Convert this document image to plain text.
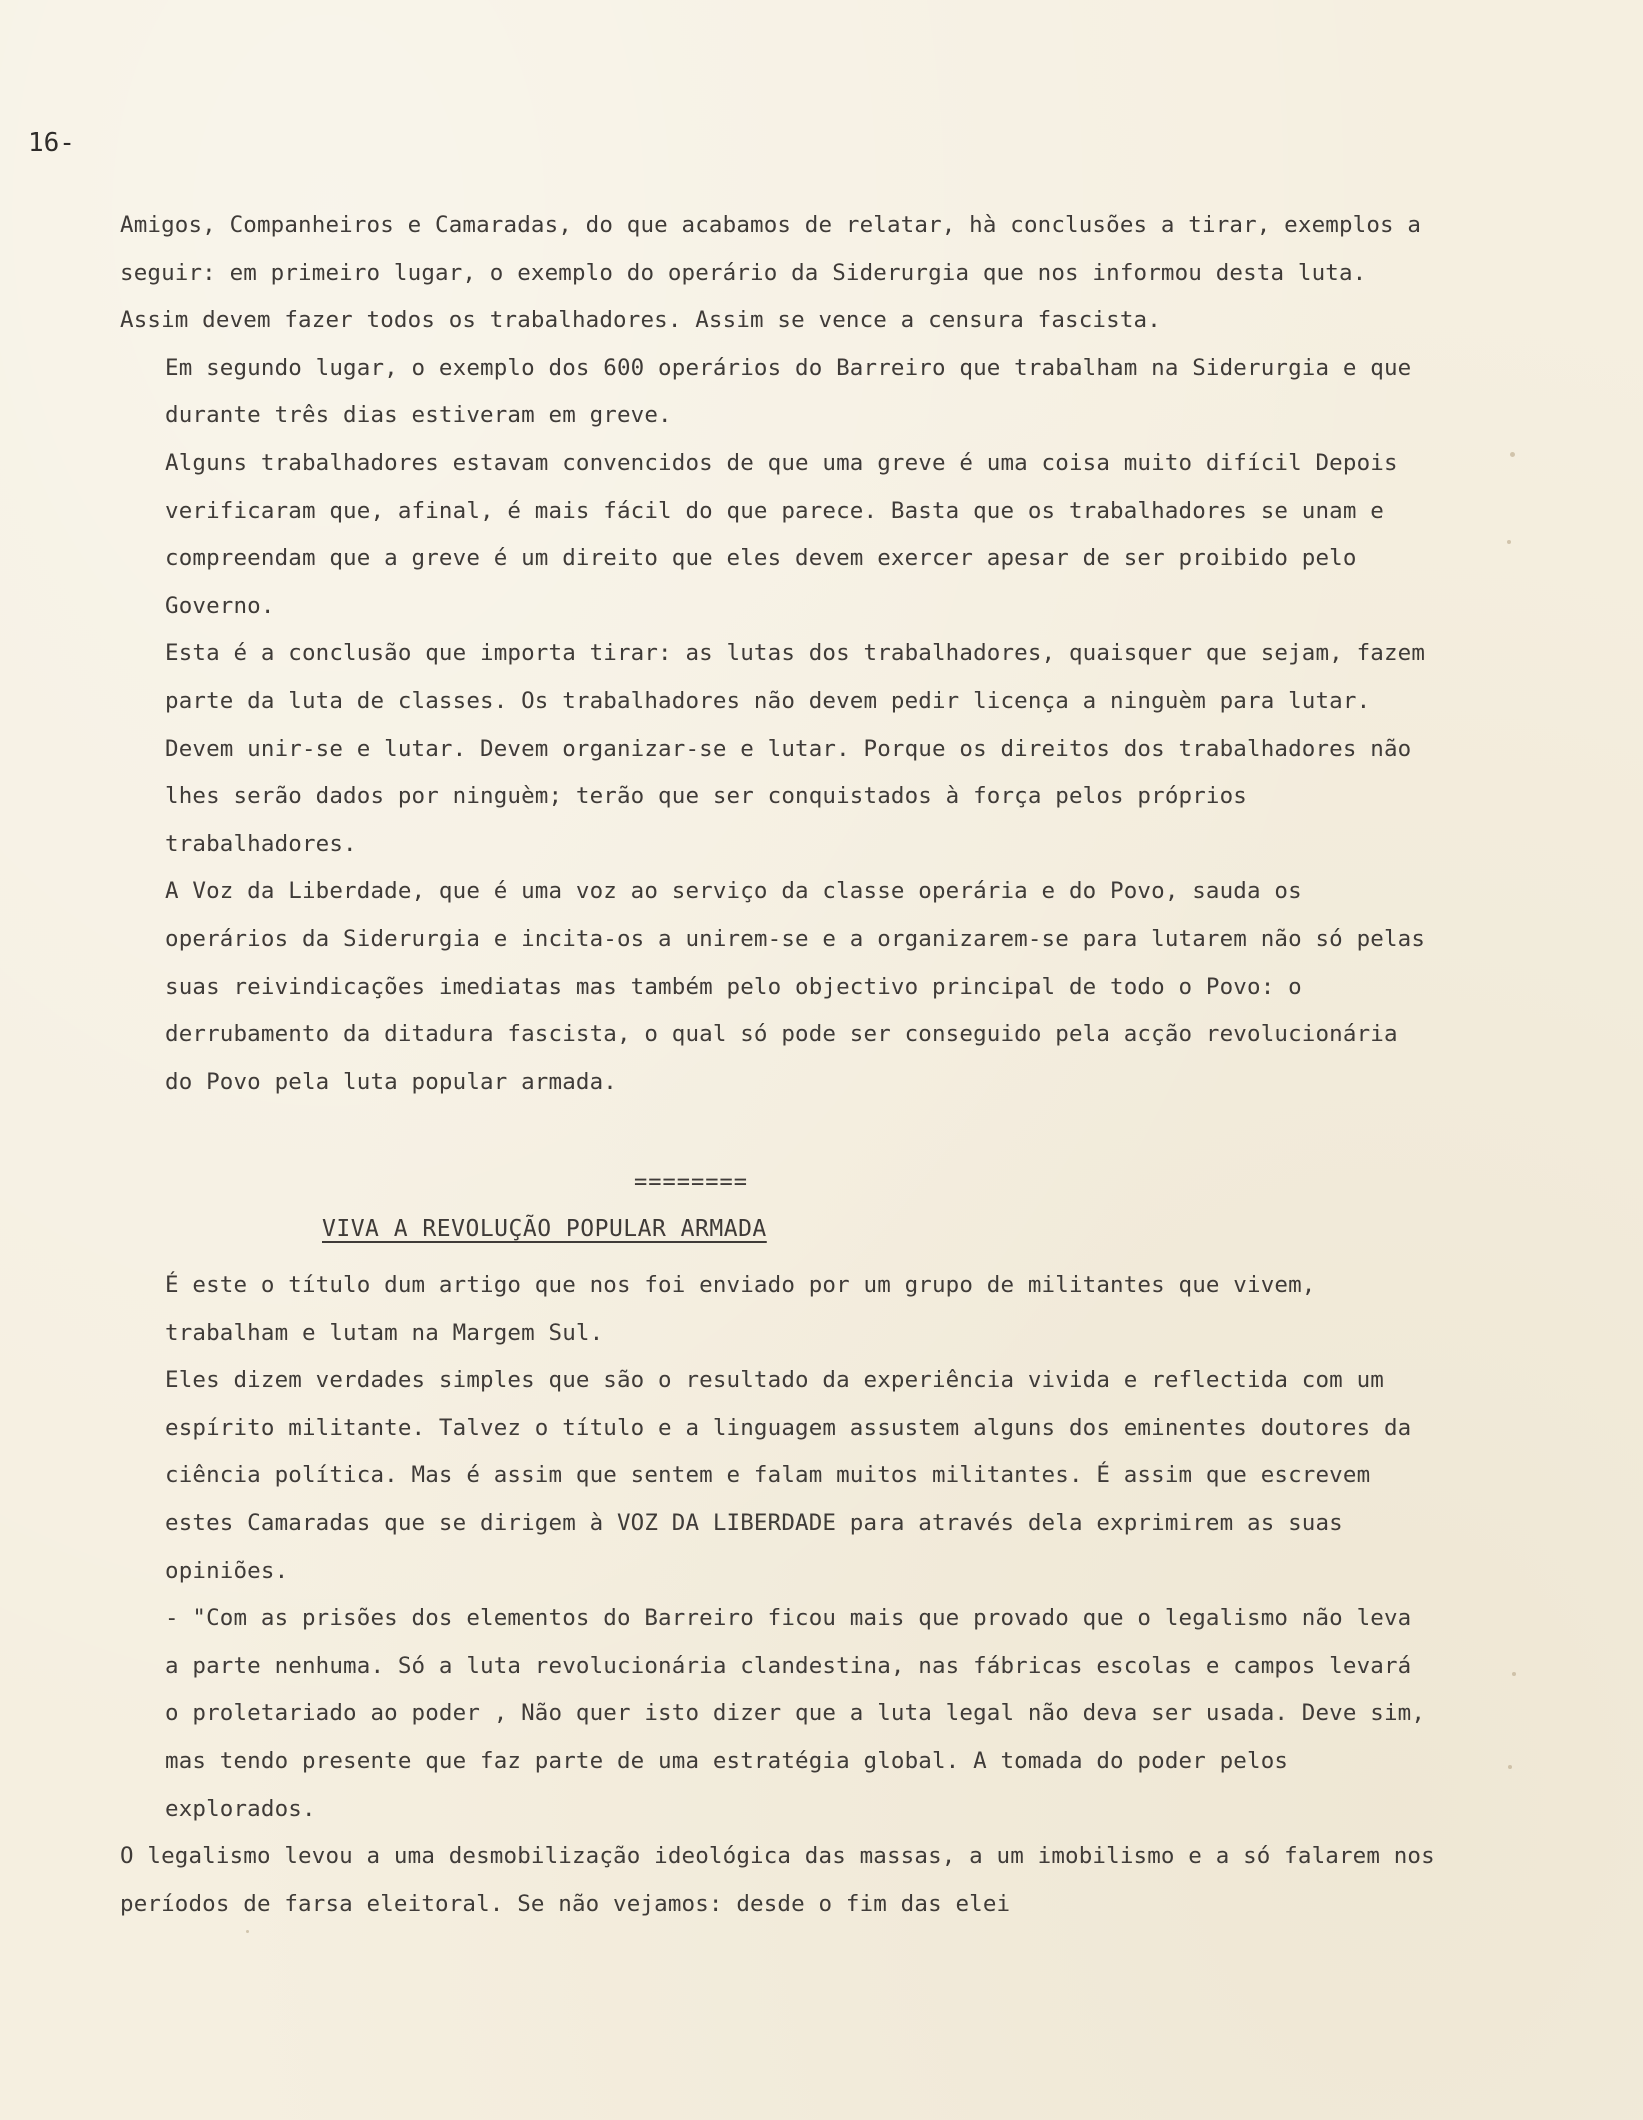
16-

Amigos, Companheiros e Camaradas, do que acabamos de relatar, hà conclusões a tirar, exemplos a seguir: em primeiro lugar, o exemplo do operário da Siderurgia que nos informou desta luta. Assim devem fazer todos os trabalhadores. Assim se vence a censura fascista.

Em segundo lugar, o exemplo dos 600 operários do Barreiro que trabalham na Siderurgia e que durante três dias estiveram em greve.

Alguns trabalhadores estavam convencidos de que uma greve é uma coisa muito difícil Depois verificaram que, afinal, é mais fácil do que parece. Basta que os trabalhadores se unam e compreendam que a greve é um direito que eles devem exercer apesar de ser proibido pelo Governo.

Esta é a conclusão que importa tirar: as lutas dos trabalhadores, quaisquer que sejam, fazem parte da luta de classes. Os trabalhadores não devem pedir licença a ninguèm para lutar. Devem unir-se e lutar. Devem organizar-se e lutar. Porque os direitos dos trabalhadores não lhes serão dados por ninguèm; terão que ser conquistados à força pelos próprios trabalhadores.

A Voz da Liberdade, que é uma voz ao serviço da classe operária e do Povo, sauda os operários da Siderurgia e incita-os a unirem-se e a organizarem-se para lutarem não só pelas suas reivindicações imediatas mas também pelo objectivo principal de todo o Povo: o derrubamento da ditadura fascista, o qual só pode ser conseguido pela acção revolucionária do Povo pela luta popular armada.

========
VIVA A REVOLUÇÃO POPULAR ARMADA

É este o título dum artigo que nos foi enviado por um grupo de militantes que vivem, trabalham e lutam na Margem Sul.

Eles dizem verdades simples que são o resultado da experiência vivida e reflectida com um espírito militante. Talvez o título e a linguagem assustem alguns dos eminentes doutores da ciência política. Mas é assim que sentem e falam muitos militantes. É assim que escrevem estes Camaradas que se dirigem à VOZ DA LIBERDADE para através dela exprimirem as suas opiniões.

- "Com as prisões dos elementos do Barreiro ficou mais que provado que o legalismo não leva a parte nenhuma. Só a luta revolucionária clandestina, nas fábricas escolas e campos levará o proletariado ao poder , Não quer isto dizer que a luta legal não deva ser usada. Deve sim, mas tendo presente que faz parte de uma estratégia global. A tomada do poder pelos explorados.

O legalismo levou a uma desmobilização ideológica das massas, a um imobilismo e a só falarem nos períodos de farsa eleitoral. Se não vejamos: desde o fim das elei
